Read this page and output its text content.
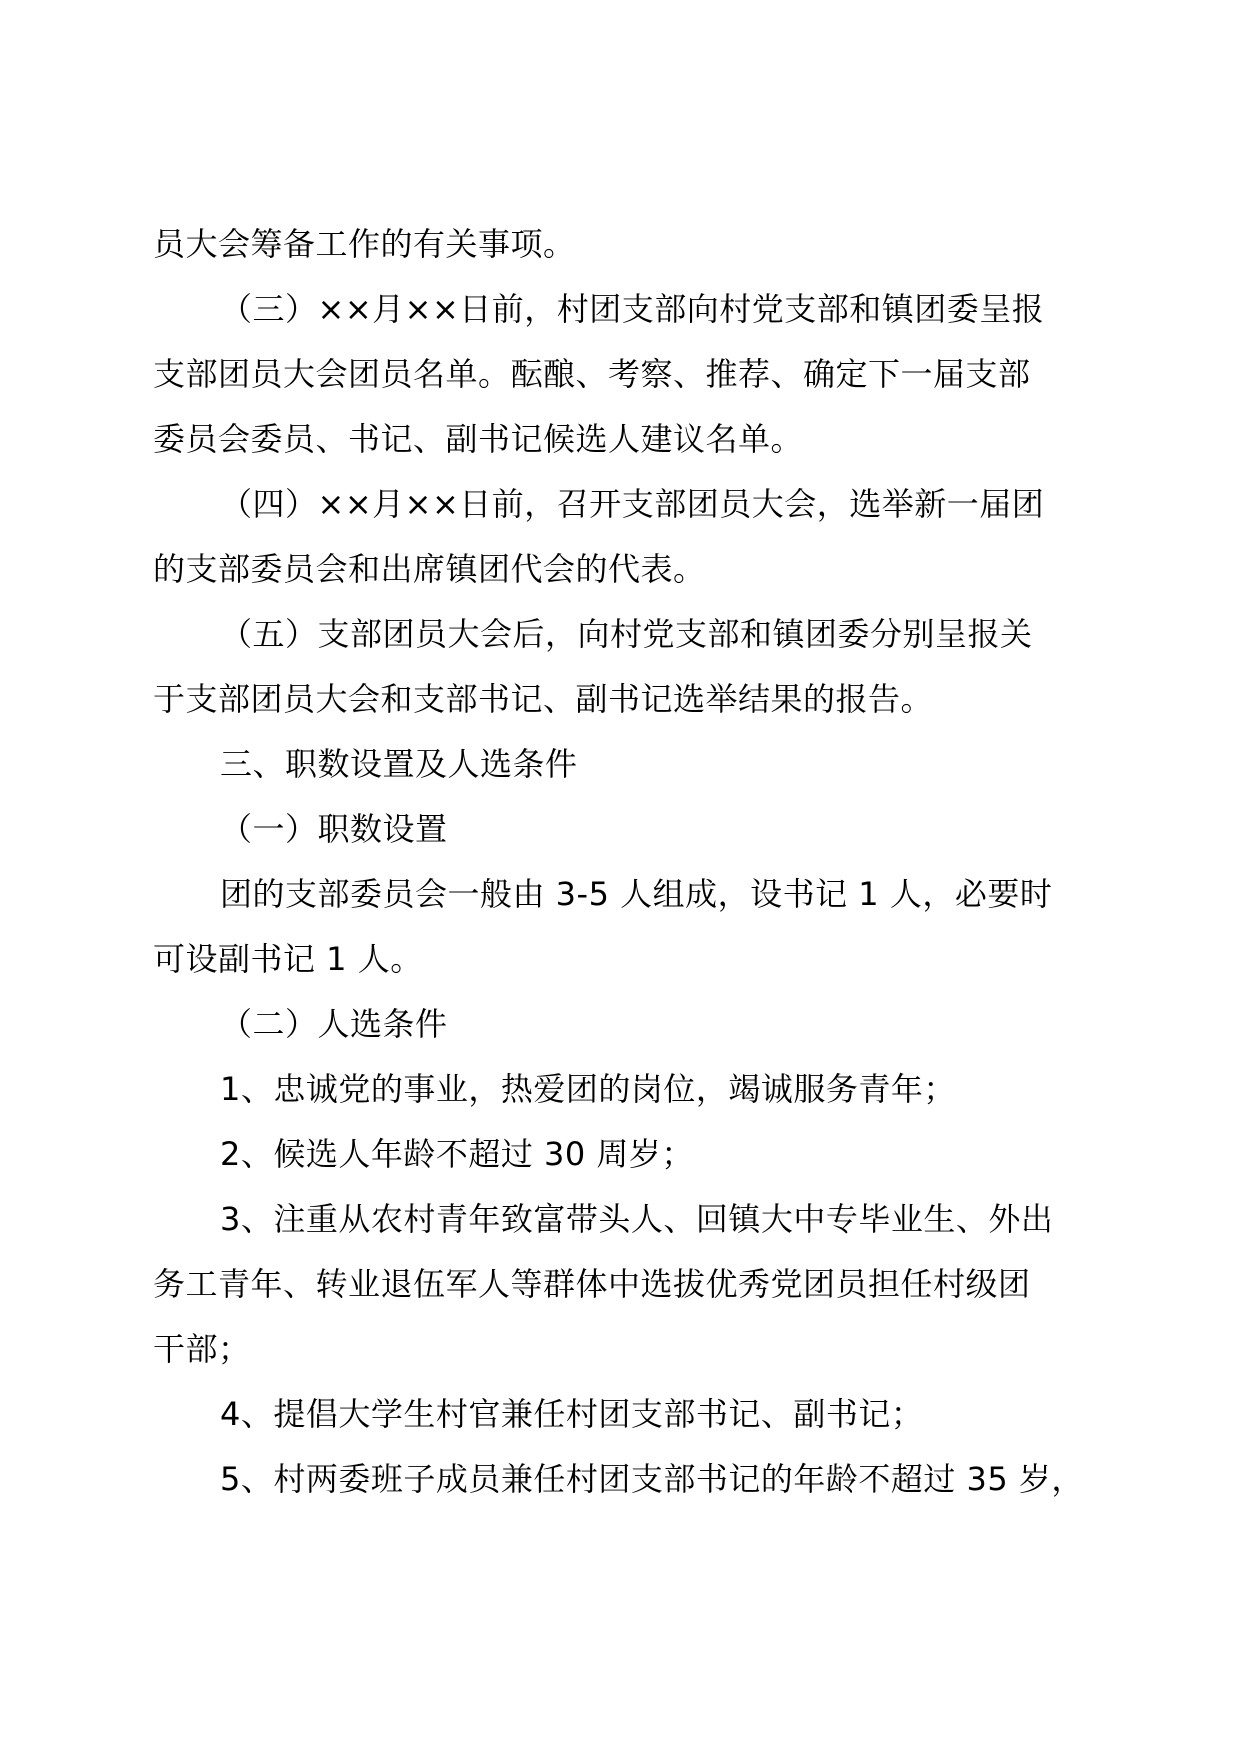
员大会筹备工作的有关事项。
（三）××月××日前，村团支部向村党支部和镇团委呈报
支部团员大会团员名单。酝酿、考察、推荐、确定下一届支部
委员会委员、书记、副书记候选人建议名单。
（四）××月××日前，召开支部团员大会，选举新一届团
的支部委员会和出席镇团代会的代表。
（五）支部团员大会后，向村党支部和镇团委分别呈报关
于支部团员大会和支部书记、副书记选举结果的报告。
三、职数设置及人选条件
（一）职数设置
团的支部委员会一般由 3-5 人组成，设书记 1 人，必要时
可设副书记 1 人。
（二）人选条件
1、忠诚党的事业，热爱团的岗位，竭诚服务青年；
2、候选人年龄不超过 30 周岁；
3、注重从农村青年致富带头人、回镇大中专毕业生、外出
务工青年、转业退伍军人等群体中选拔优秀党团员担任村级团
干部；
4、提倡大学生村官兼任村团支部书记、副书记；
5、村两委班子成员兼任村团支部书记的年龄不超过 35 岁，
